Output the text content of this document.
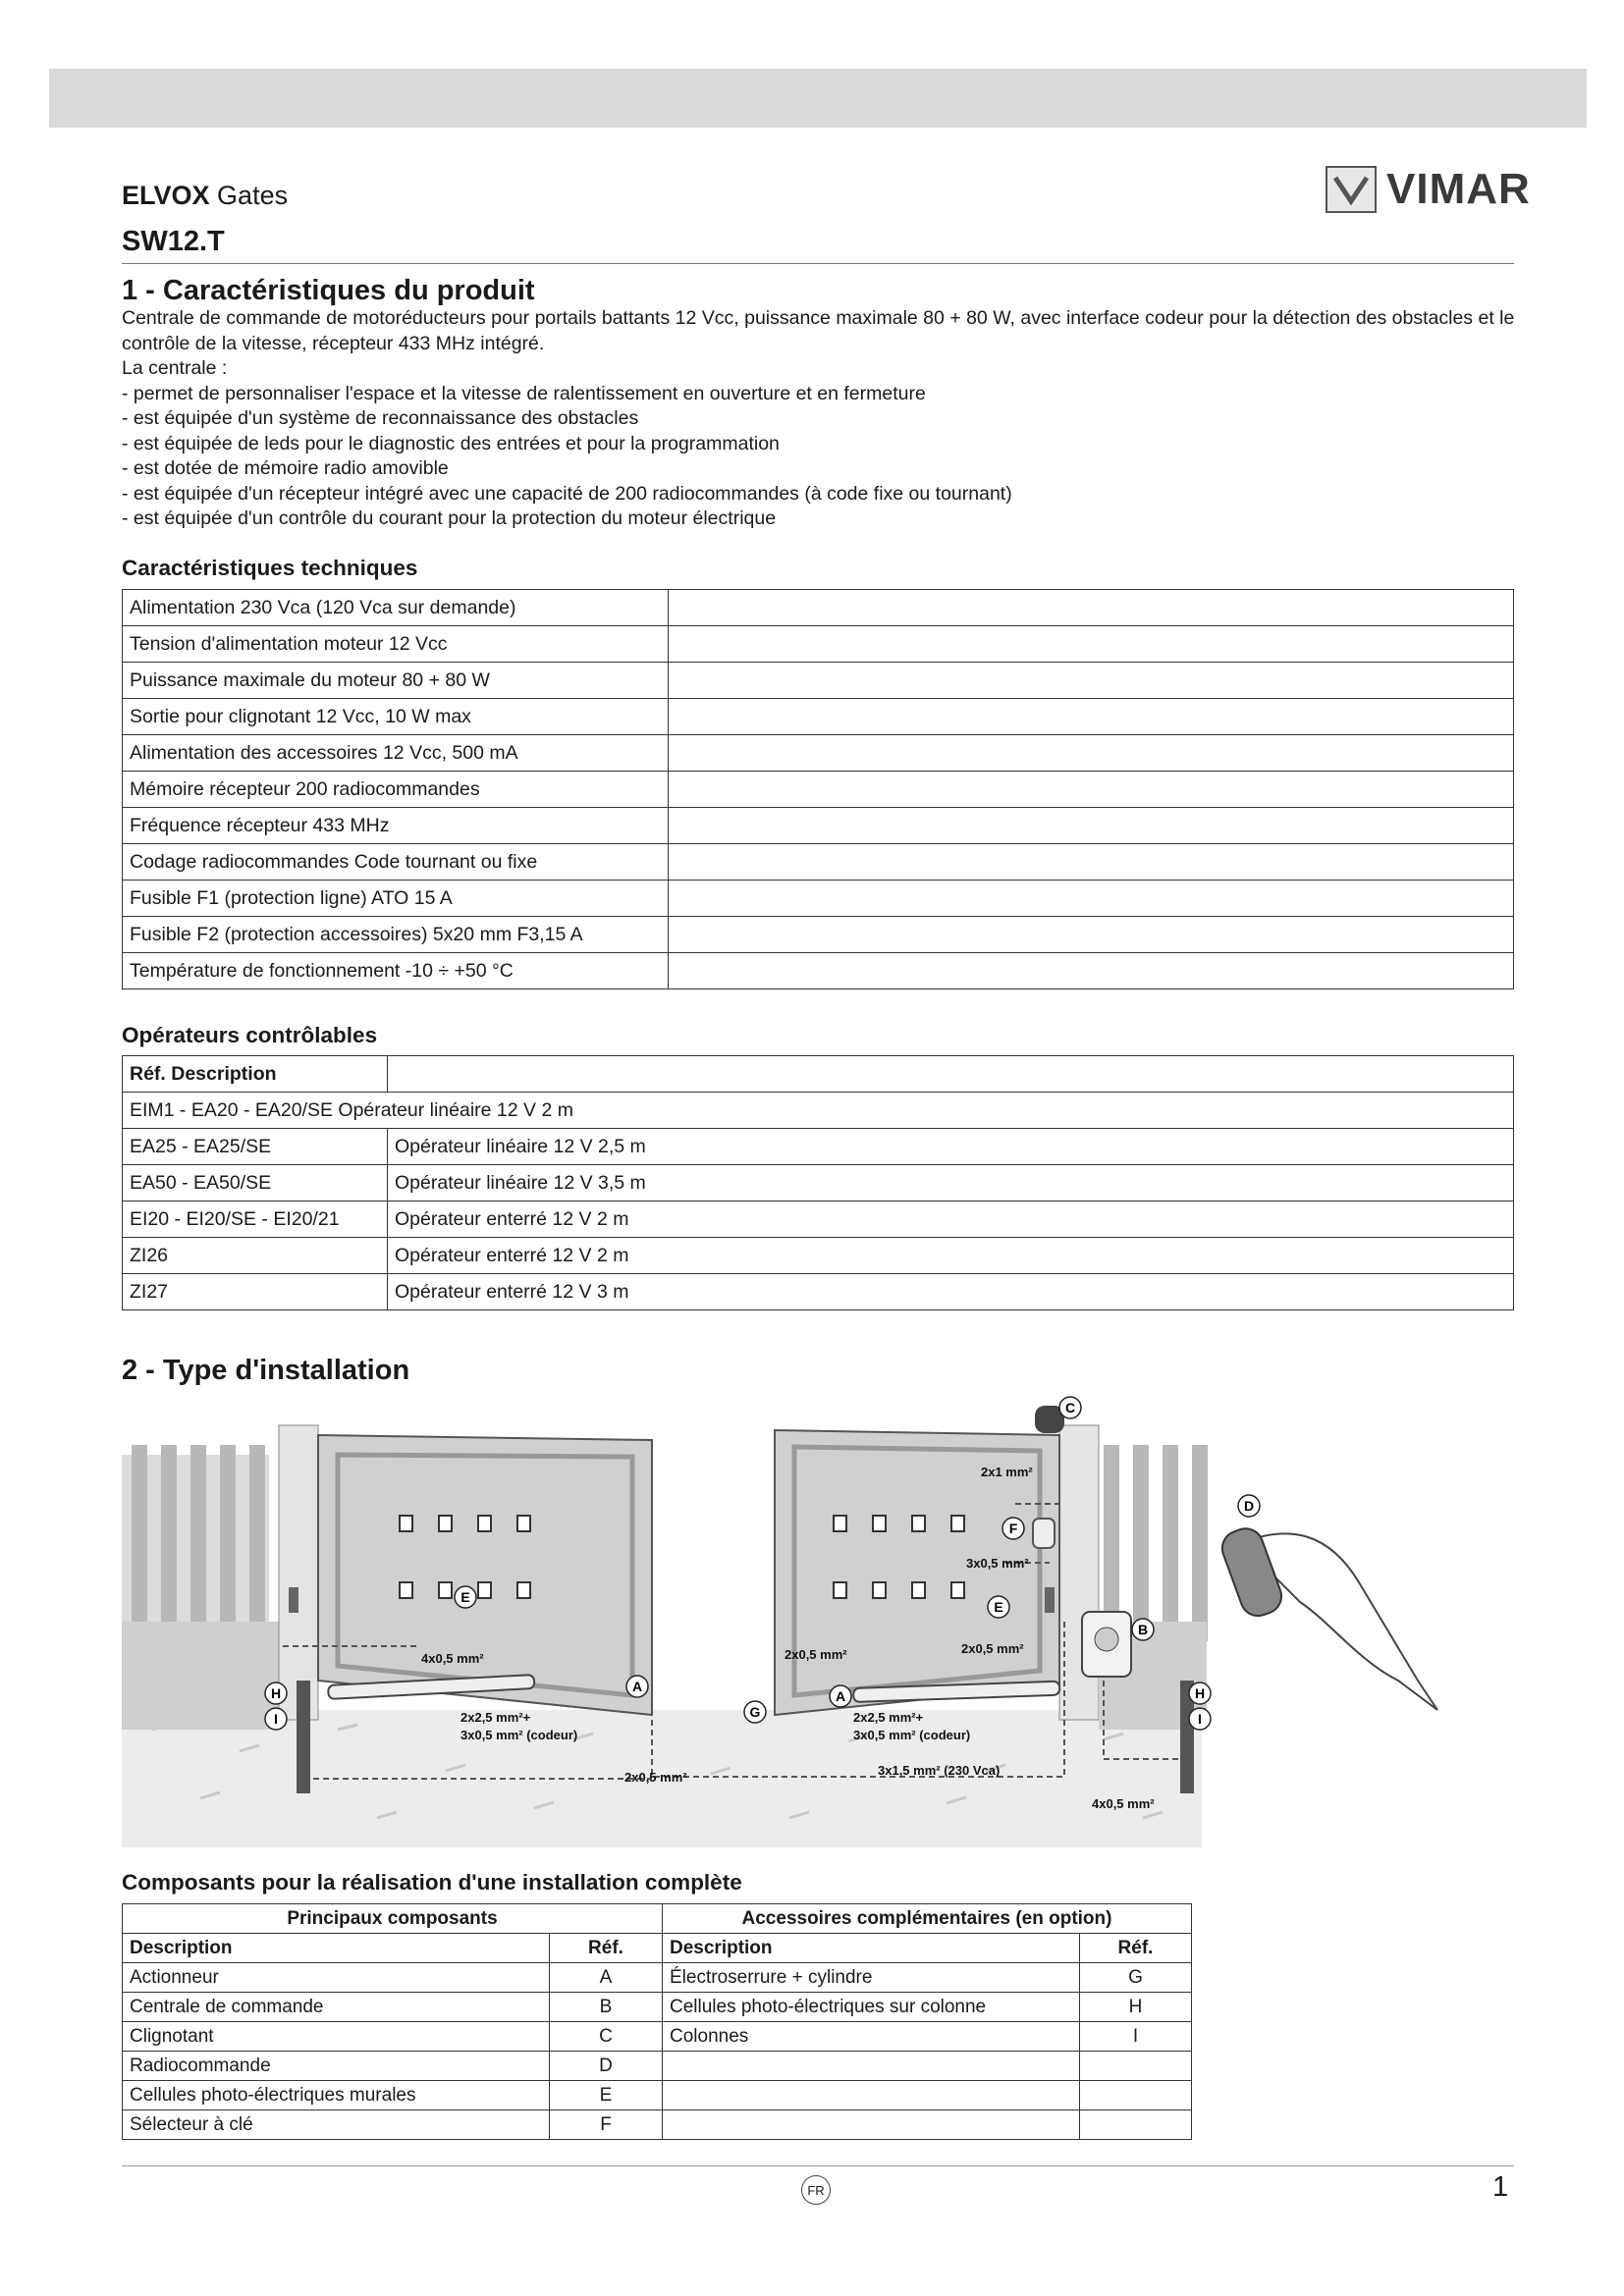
ELVOX Gates	VIMAR
SW12.T
1 - Caractéristiques du produit

Centrale de commande de motoréducteurs pour portails battants 12 Vcc, puissance maximale 80 + 80 W, avec interface codeur pour la détection des obstacles et le contrôle de la vitesse, récepteur 433 MHz intégré.

La centrale :

- permet de personnaliser l'espace et la vitesse de ralentissement en ouverture et en fermeture

- est équipée d'un système de reconnaissance des obstacles

- est équipée de leds pour le diagnostic des entrées et pour la programmation

- est dotée de mémoire radio amovible

- est équipée d'un récepteur intégré avec une capacité de 200 radiocommandes (à code fixe ou tournant)

- est équipée d'un contrôle du courant pour la protection du moteur électrique

Caractéristiques techniques
Alimentation 230 Vca (120 Vca sur demande)	
Tension d'alimentation moteur 12 Vcc	
Puissance maximale du moteur 80 + 80 W	
Sortie pour clignotant 12 Vcc, 10 W max	
Alimentation des accessoires 12 Vcc, 500 mA	
Mémoire récepteur 200 radiocommandes	
Fréquence récepteur 433 MHz	
Codage radiocommandes Code tournant ou fixe	
Fusible F1 (protection ligne) ATO 15 A	
Fusible F2 (protection accessoires) 5x20 mm F3,15 A	
Température de fonctionnement -10 ÷ +50 °C	
Opérateurs contrôlables
Réf. Description	
EIM1 - EA20 - EA20/SE Opérateur linéaire 12 V 2 m	
EA25 - EA25/SE	Opérateur linéaire 12 V 2,5 m
EA50 - EA50/SE	Opérateur linéaire 12 V 3,5 m
EI20 - EI20/SE - EI20/21	Opérateur enterré 12 V 2 m
ZI26	Opérateur enterré 12 V 2 m
ZI27	Opérateur enterré 12 V 3 m
2 - Type d'installation
2x1 mm²
3x0,5 mm²
4x0,5 mm²	2x0,5 mm²	2x0,5 mm²
2x2,5 mm²+
3x0,5 mm² (codeur)
2x2,5 mm²+
3x0,5 mm² (codeur)
2x0,5 mm²	3x1,5 mm² (230 Vca)
4x0,5 mm²
C
F
E
E
B
A
A
G
H
I
H
I
D
Composants pour la réalisation d'une installation complète
Principaux composants		Accessoires complémentaires (en option)	
Description	Réf.	Description	Réf.
Actionneur	A	Électroserrure + cylindre	G
Centrale de commande	B	Cellules photo-électriques sur colonne	H
Clignotant	C	Colonnes	I
Radiocommande	D		
Cellules photo-électriques murales	E		
Sélecteur à clé	F		
FR	1
